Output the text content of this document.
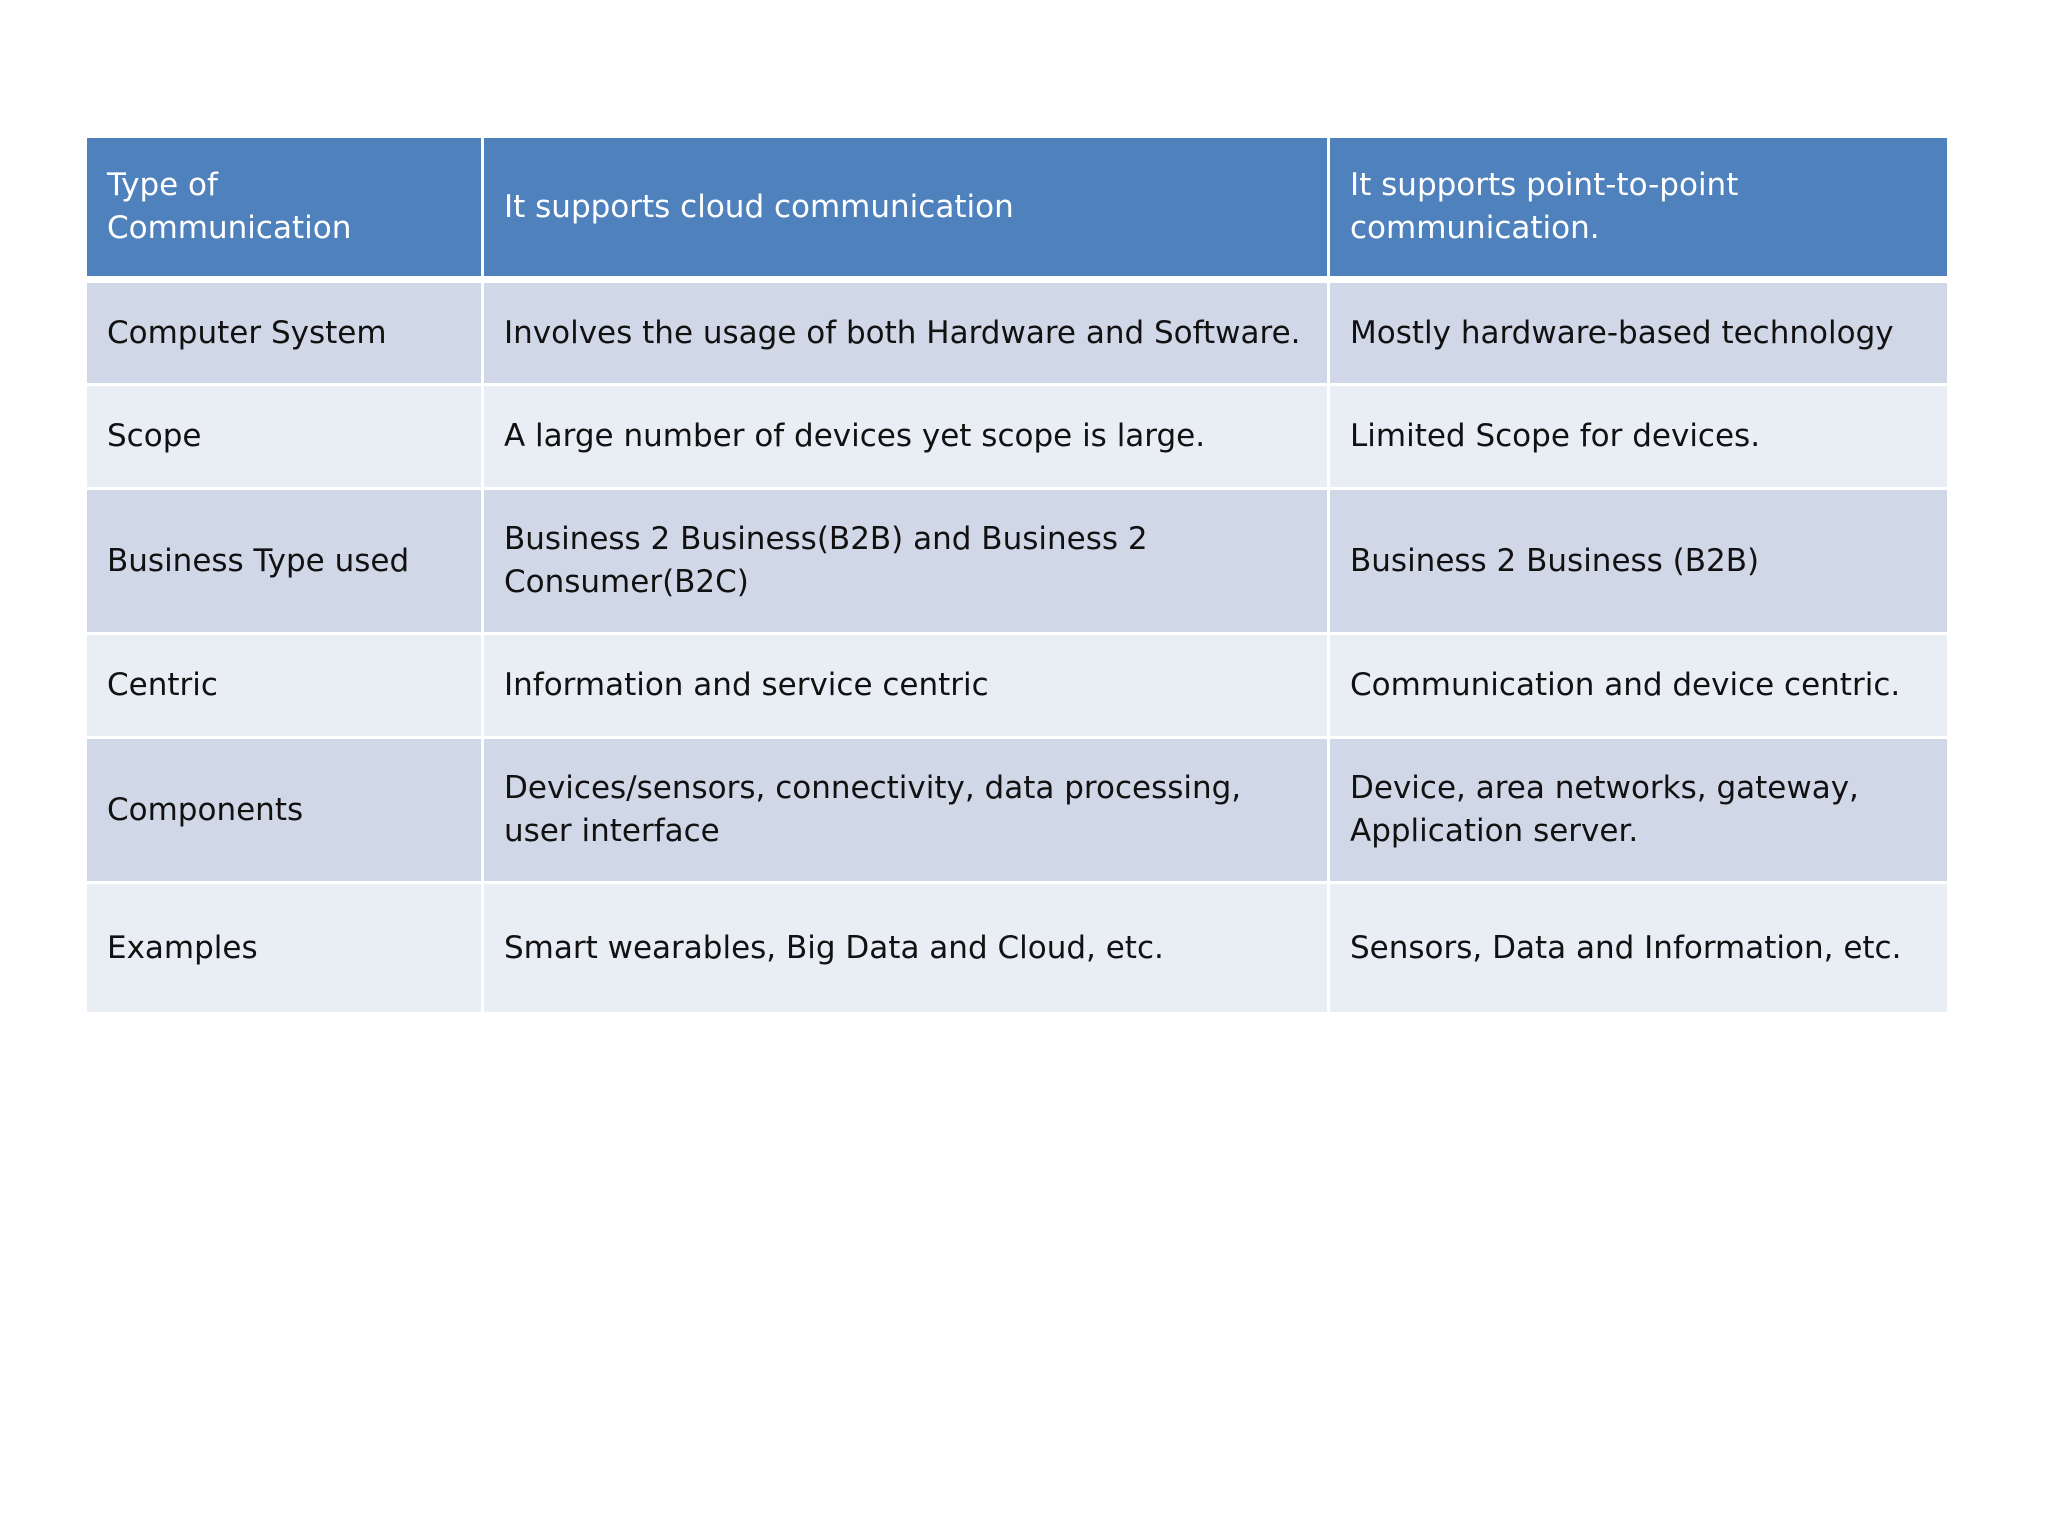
Type of Communication	It supports cloud communication	It supports point-to-point communication.
Computer System	Involves the usage of both Hardware and Software.	Mostly hardware-based technology
Scope	A large number of devices yet scope is large.	Limited Scope for devices.
Business Type used	Business 2 Business(B2B) and Business 2 Consumer(B2C)	Business 2 Business (B2B)
Centric	Information and service centric	Communication and device centric.
Components	Devices/sensors, connectivity, data processing, user interface	Device, area networks, gateway, Application server.
Examples	Smart wearables, Big Data and Cloud, etc.	Sensors, Data and Information, etc.
